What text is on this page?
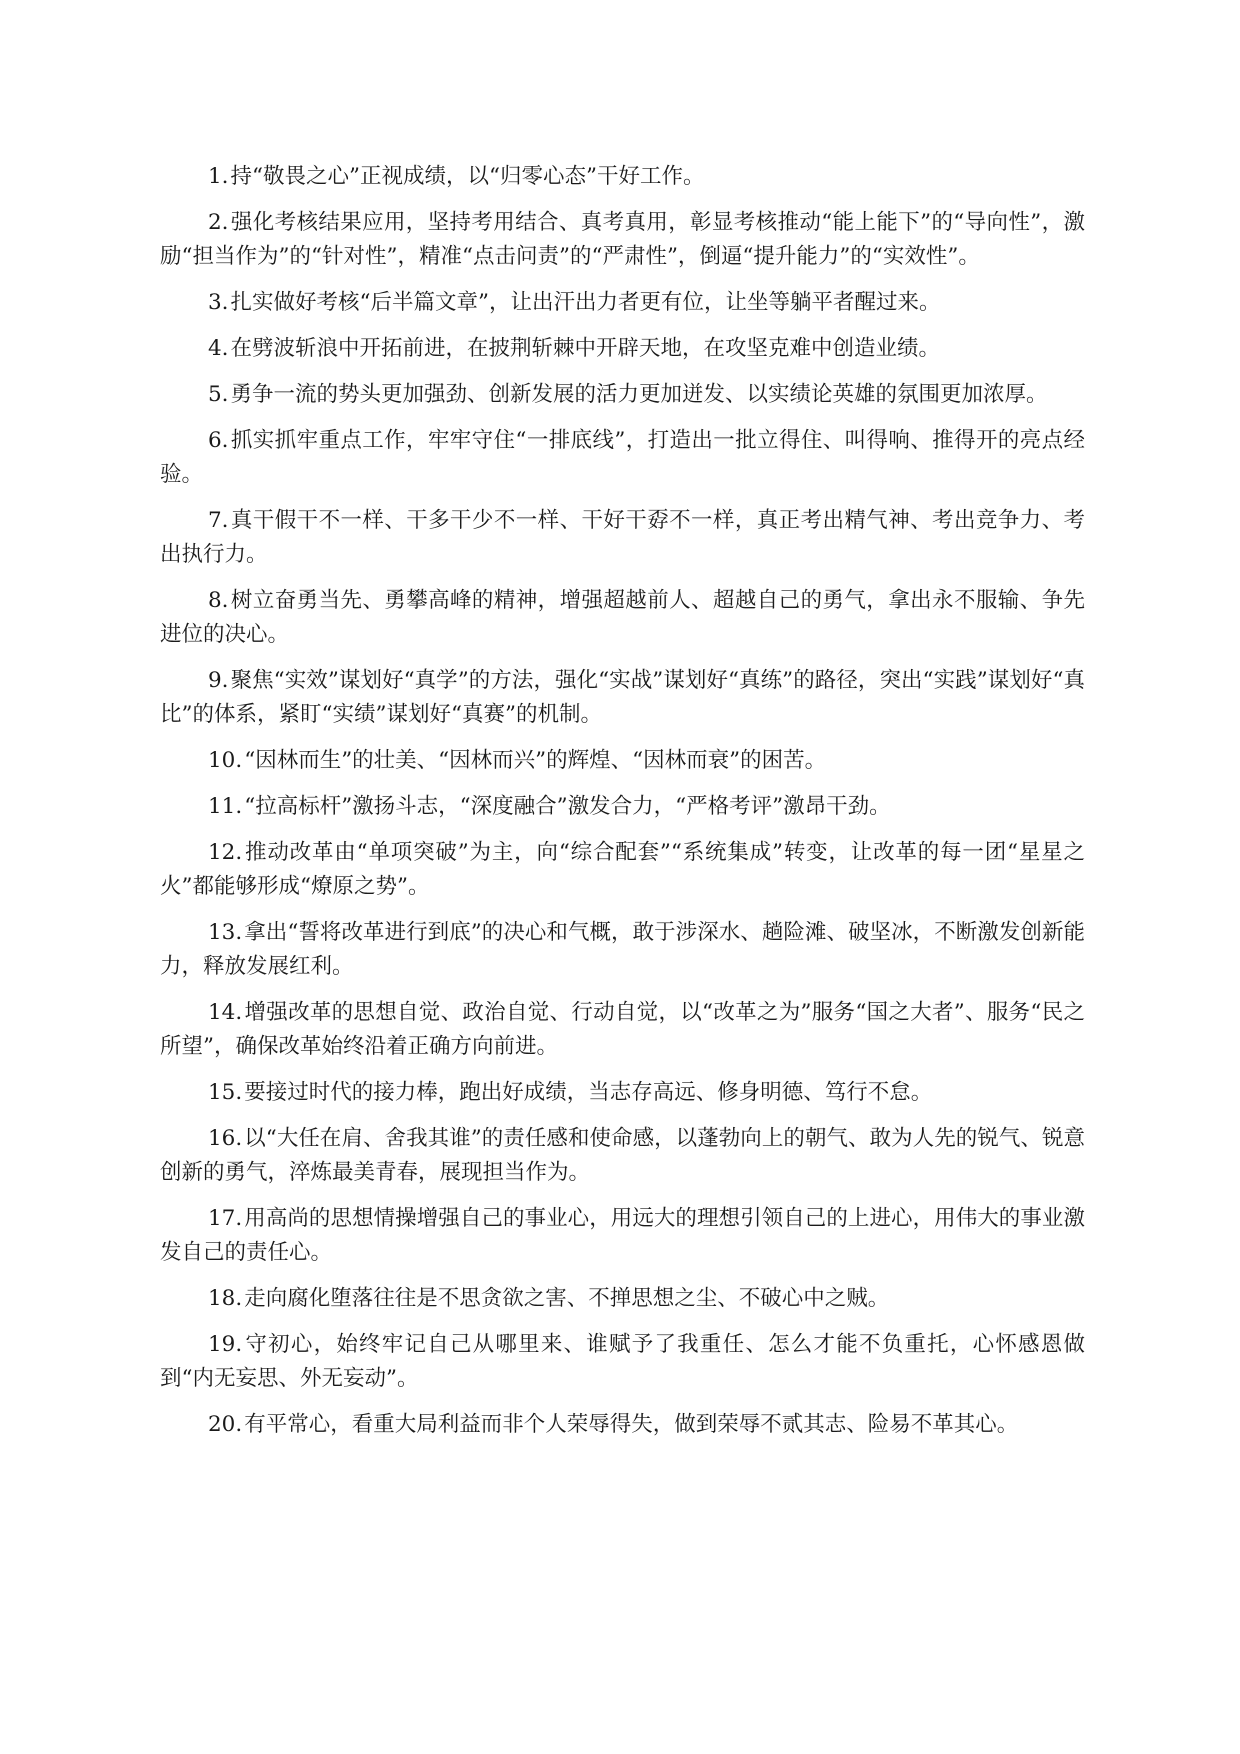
1.持“敬畏之心”正视成绩，以“归零心态”干好工作。

2.强化考核结果应用，坚持考用结合、真考真用，彰显考核推动“能上能下”的“导向性”，激励“担当作为”的“针对性”，精准“点击问责”的“严肃性”，倒逼“提升能力”的“实效性”。

3.扎实做好考核“后半篇文章”，让出汗出力者更有位，让坐等躺平者醒过来。

4.在劈波斩浪中开拓前进，在披荆斩棘中开辟天地，在攻坚克难中创造业绩。

5.勇争一流的势头更加强劲、创新发展的活力更加迸发、以实绩论英雄的氛围更加浓厚。

6.抓实抓牢重点工作，牢牢守住“一排底线”，打造出一批立得住、叫得响、推得开的亮点经验。

7.真干假干不一样、干多干少不一样、干好干孬不一样，真正考出精气神、考出竞争力、考出执行力。

8.树立奋勇当先、勇攀高峰的精神，增强超越前人、超越自己的勇气，拿出永不服输、争先进位的决心。

9.聚焦“实效”谋划好“真学”的方法，强化“实战”谋划好“真练”的路径，突出“实践”谋划好“真比”的体系，紧盯“实绩”谋划好“真赛”的机制。

10.“因林而生”的壮美、“因林而兴”的辉煌、“因林而衰”的困苦。

11.“拉高标杆”激扬斗志，“深度融合”激发合力，“严格考评”激昂干劲。

12.推动改革由“单项突破”为主，向“综合配套”“系统集成”转变，让改革的每一团“星星之火”都能够形成“燎原之势”。

13.拿出“誓将改革进行到底”的决心和气概，敢于涉深水、趟险滩、破坚冰，不断激发创新能力，释放发展红利。

14.增强改革的思想自觉、政治自觉、行动自觉，以“改革之为”服务“国之大者”、服务“民之所望”，确保改革始终沿着正确方向前进。

15.要接过时代的接力棒，跑出好成绩，当志存高远、修身明德、笃行不怠。

16.以“大任在肩、舍我其谁”的责任感和使命感，以蓬勃向上的朝气、敢为人先的锐气、锐意创新的勇气，淬炼最美青春，展现担当作为。

17.用高尚的思想情操增强自己的事业心，用远大的理想引领自己的上进心，用伟大的事业激发自己的责任心。

18.走向腐化堕落往往是不思贪欲之害、不掸思想之尘、不破心中之贼。

19.守初心，始终牢记自己从哪里来、谁赋予了我重任、怎么才能不负重托，心怀感恩做到“内无妄思、外无妄动”。

20.有平常心，看重大局利益而非个人荣辱得失，做到荣辱不贰其志、险易不革其心。
